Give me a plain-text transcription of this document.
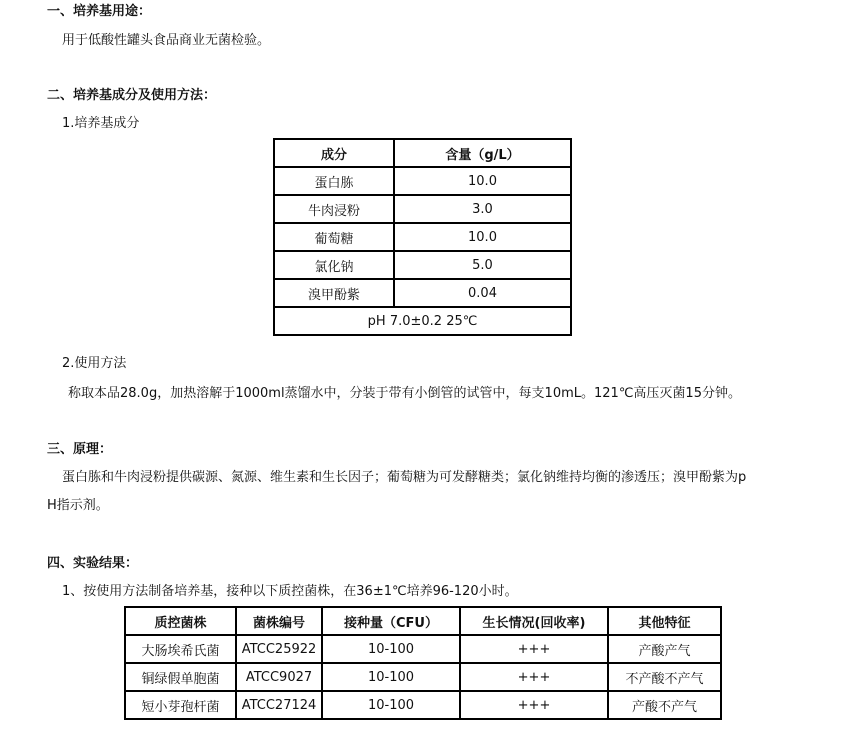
一、培养基用途：
用于低酸性罐头食品商业无菌检验。
二、培养基成分及使用方法：
1.培养基成分
成分	含量（g/L）
蛋白胨	10.0
牛肉浸粉	3.0
葡萄糖	10.0
氯化钠	5.0
溴甲酚紫	0.04
pH 7.0±0.2 25℃	
2.使用方法
称取本品28.0g，加热溶解于1000ml蒸馏水中，分装于带有小倒管的试管中，每支10mL。121℃高压灭菌15分钟。
三、原理：
蛋白胨和牛肉浸粉提供碳源、氮源、维生素和生长因子；葡萄糖为可发酵糖类；氯化钠维持均衡的渗透压；溴甲酚紫为p
H指示剂。
四、实验结果：
1、按使用方法制备培养基，接种以下质控菌株，在36±1℃培养96-120小时。
质控菌株	菌株编号	接种量（CFU）	生长情况(回收率)	其他特征
大肠埃希氏菌	ATCC25922	10-100	+++	产酸产气
铜绿假单胞菌	ATCC9027	10-100	+++	不产酸不产气
短小芽孢杆菌	ATCC27124	10-100	+++	产酸不产气
